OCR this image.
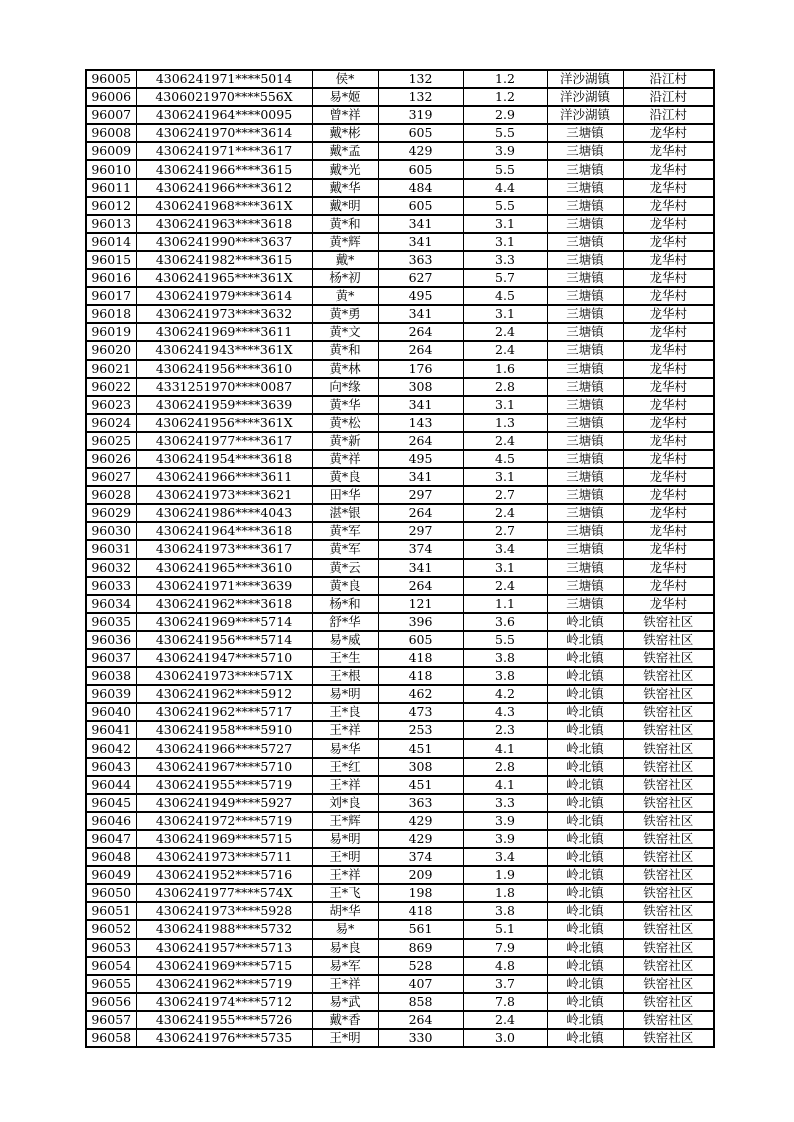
96005	4306241971****5014	侯*	132	1.2	洋沙湖镇	沿江村
96006	4306021970****556X	易*姬	132	1.2	洋沙湖镇	沿江村
96007	4306241964****0095	曾*祥	319	2.9	洋沙湖镇	沿江村
96008	4306241970****3614	戴*彬	605	5.5	三塘镇	龙华村
96009	4306241971****3617	戴*孟	429	3.9	三塘镇	龙华村
96010	4306241966****3615	戴*光	605	5.5	三塘镇	龙华村
96011	4306241966****3612	戴*华	484	4.4	三塘镇	龙华村
96012	4306241968****361X	戴*明	605	5.5	三塘镇	龙华村
96013	4306241963****3618	黄*和	341	3.1	三塘镇	龙华村
96014	4306241990****3637	黄*辉	341	3.1	三塘镇	龙华村
96015	4306241982****3615	戴*	363	3.3	三塘镇	龙华村
96016	4306241965****361X	杨*初	627	5.7	三塘镇	龙华村
96017	4306241979****3614	黄*	495	4.5	三塘镇	龙华村
96018	4306241973****3632	黄*勇	341	3.1	三塘镇	龙华村
96019	4306241969****3611	黄*文	264	2.4	三塘镇	龙华村
96020	4306241943****361X	黄*和	264	2.4	三塘镇	龙华村
96021	4306241956****3610	黄*林	176	1.6	三塘镇	龙华村
96022	4331251970****0087	向*缘	308	2.8	三塘镇	龙华村
96023	4306241959****3639	黄*华	341	3.1	三塘镇	龙华村
96024	4306241956****361X	黄*松	143	1.3	三塘镇	龙华村
96025	4306241977****3617	黄*新	264	2.4	三塘镇	龙华村
96026	4306241954****3618	黄*祥	495	4.5	三塘镇	龙华村
96027	4306241966****3611	黄*良	341	3.1	三塘镇	龙华村
96028	4306241973****3621	田*华	297	2.7	三塘镇	龙华村
96029	4306241986****4043	湛*银	264	2.4	三塘镇	龙华村
96030	4306241964****3618	黄*军	297	2.7	三塘镇	龙华村
96031	4306241973****3617	黄*军	374	3.4	三塘镇	龙华村
96032	4306241965****3610	黄*云	341	3.1	三塘镇	龙华村
96033	4306241971****3639	黄*良	264	2.4	三塘镇	龙华村
96034	4306241962****3618	杨*和	121	1.1	三塘镇	龙华村
96035	4306241969****5714	舒*华	396	3.6	岭北镇	铁窑社区
96036	4306241956****5714	易*威	605	5.5	岭北镇	铁窑社区
96037	4306241947****5710	王*生	418	3.8	岭北镇	铁窑社区
96038	4306241973****571X	王*根	418	3.8	岭北镇	铁窑社区
96039	4306241962****5912	易*明	462	4.2	岭北镇	铁窑社区
96040	4306241962****5717	王*良	473	4.3	岭北镇	铁窑社区
96041	4306241958****5910	王*祥	253	2.3	岭北镇	铁窑社区
96042	4306241966****5727	易*华	451	4.1	岭北镇	铁窑社区
96043	4306241967****5710	王*红	308	2.8	岭北镇	铁窑社区
96044	4306241955****5719	王*祥	451	4.1	岭北镇	铁窑社区
96045	4306241949****5927	刘*良	363	3.3	岭北镇	铁窑社区
96046	4306241972****5719	王*辉	429	3.9	岭北镇	铁窑社区
96047	4306241969****5715	易*明	429	3.9	岭北镇	铁窑社区
96048	4306241973****5711	王*明	374	3.4	岭北镇	铁窑社区
96049	4306241952****5716	王*祥	209	1.9	岭北镇	铁窑社区
96050	4306241977****574X	王*飞	198	1.8	岭北镇	铁窑社区
96051	4306241973****5928	胡*华	418	3.8	岭北镇	铁窑社区
96052	4306241988****5732	易*	561	5.1	岭北镇	铁窑社区
96053	4306241957****5713	易*良	869	7.9	岭北镇	铁窑社区
96054	4306241969****5715	易*军	528	4.8	岭北镇	铁窑社区
96055	4306241962****5719	王*祥	407	3.7	岭北镇	铁窑社区
96056	4306241974****5712	易*武	858	7.8	岭北镇	铁窑社区
96057	4306241955****5726	戴*香	264	2.4	岭北镇	铁窑社区
96058	4306241976****5735	王*明	330	3.0	岭北镇	铁窑社区
